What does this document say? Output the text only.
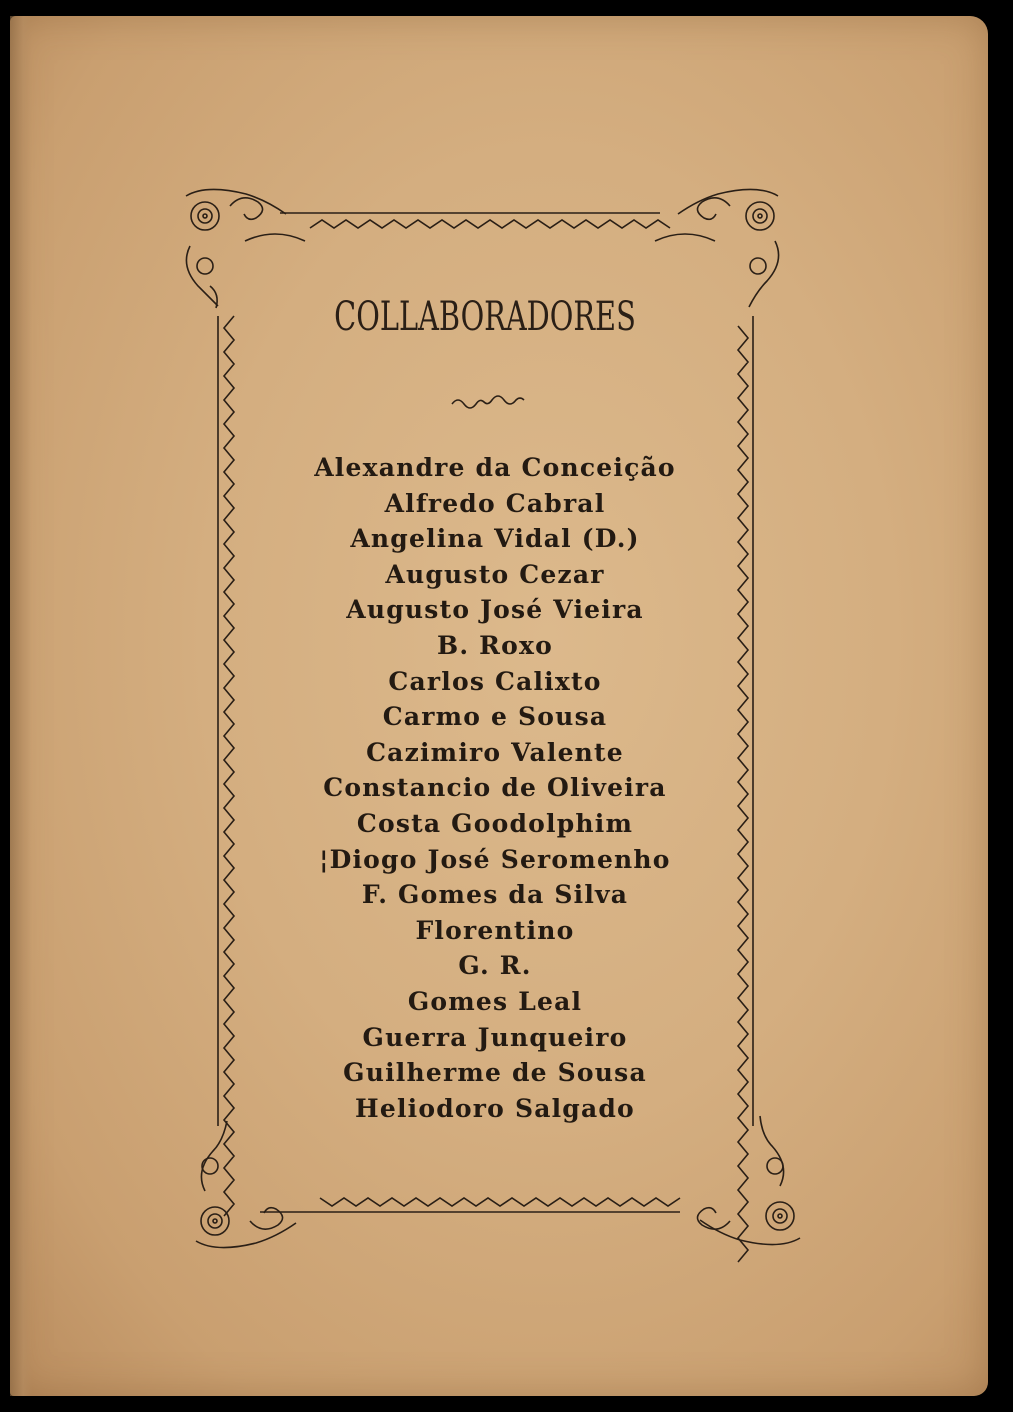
COLLABORADORES
Alexandre da Conceição
Alfredo Cabral
Angelina Vidal (D.)
Augusto Cezar
Augusto José Vieira
B. Roxo
Carlos Calixto
Carmo e Sousa
Cazimiro Valente
Constancio de Oliveira
Costa Goodolphim
¦Diogo José Seromenho
F. Gomes da Silva
Florentino
G. R.
Gomes Leal
Guerra Junqueiro
Guilherme de Sousa
Heliodoro Salgado
